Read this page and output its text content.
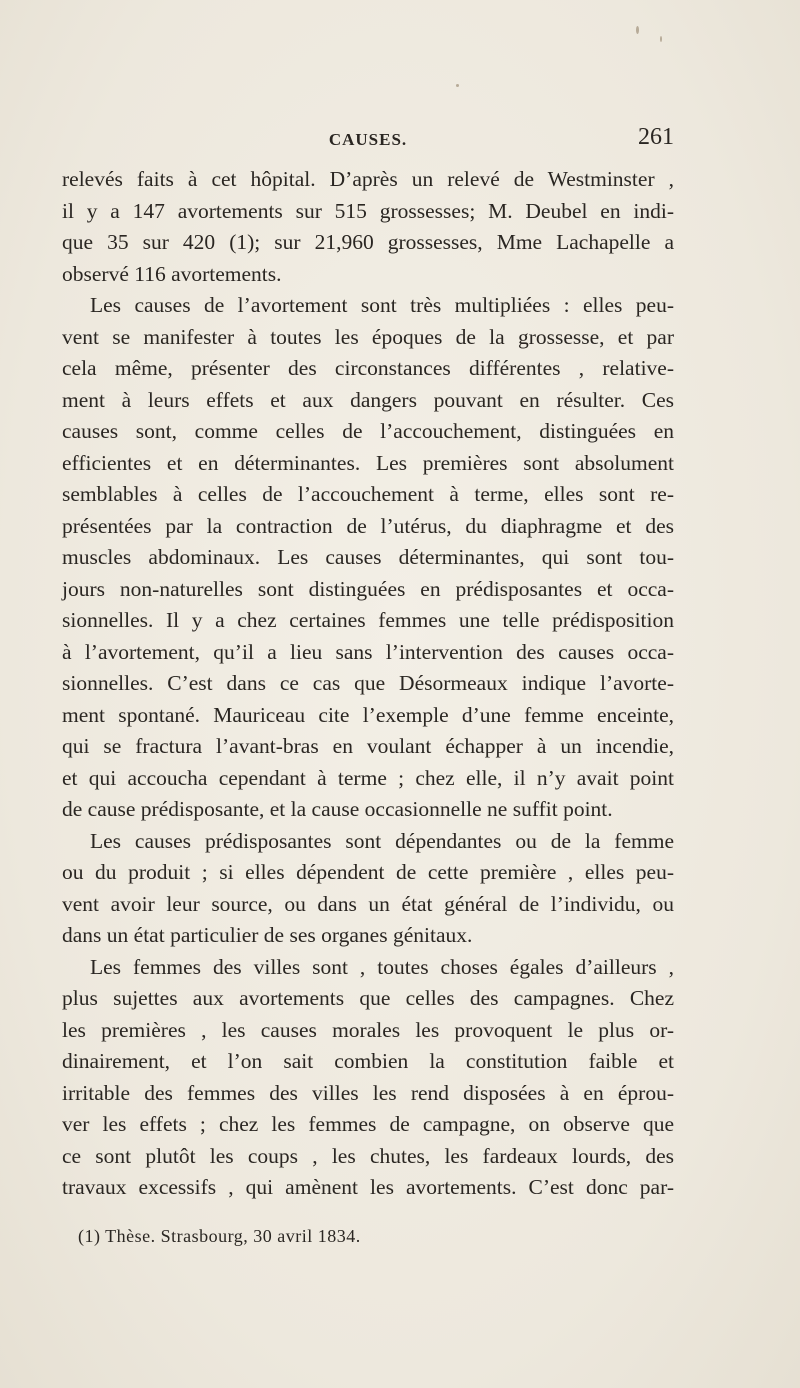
CAUSES.	261
relevés faits à cet hôpital. D’après un relevé de Westminster ,
il y a 147 avortements sur 515 grossesses; M. Deubel en indi-
que 35 sur 420 (1); sur 21,960 grossesses, Mme Lachapelle a
observé 116 avortements.
Les causes de l’avortement sont très multipliées : elles peu-
vent se manifester à toutes les époques de la grossesse, et par
cela même, présenter des circonstances différentes , relative-
ment à leurs effets et aux dangers pouvant en résulter. Ces
causes sont, comme celles de l’accouchement, distinguées en
efficientes et en déterminantes. Les premières sont absolument
semblables à celles de l’accouchement à terme, elles sont re-
présentées par la contraction de l’utérus, du diaphragme et des
muscles abdominaux. Les causes déterminantes, qui sont tou-
jours non-naturelles sont distinguées en prédisposantes et occa-
sionnelles. Il y a chez certaines femmes une telle prédisposition
à l’avortement, qu’il a lieu sans l’intervention des causes occa-
sionnelles. C’est dans ce cas que Désormeaux indique l’avorte-
ment spontané. Mauriceau cite l’exemple d’une femme enceinte,
qui se fractura l’avant-bras en voulant échapper à un incendie,
et qui accoucha cependant à terme ; chez elle, il n’y avait point
de cause prédisposante, et la cause occasionnelle ne suffit point.
Les causes prédisposantes sont dépendantes ou de la femme
ou du produit ; si elles dépendent de cette première , elles peu-
vent avoir leur source, ou dans un état général de l’individu, ou
dans un état particulier de ses organes génitaux.
Les femmes des villes sont , toutes choses égales d’ailleurs ,
plus sujettes aux avortements que celles des campagnes. Chez
les premières , les causes morales les provoquent le plus or-
dinairement, et l’on sait combien la constitution faible et
irritable des femmes des villes les rend disposées à en éprou-
ver les effets ; chez les femmes de campagne, on observe que
ce sont plutôt les coups , les chutes, les fardeaux lourds, des
travaux excessifs , qui amènent les avortements. C’est donc par-
(1) Thèse. Strasbourg, 30 avril 1834.
